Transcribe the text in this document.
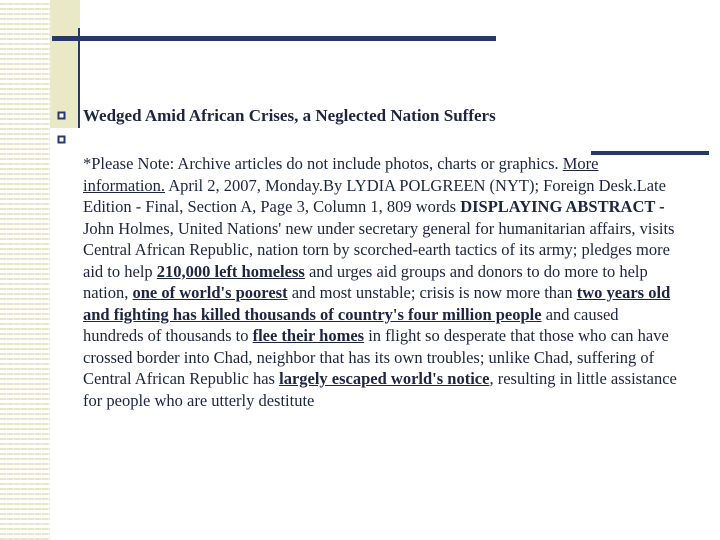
Wedged Amid African Crises, a Neglected Nation Suffers

*Please Note: Archive articles do not include photos, charts or graphics. More information. April 2, 2007, Monday.By LYDIA POLGREEN (NYT); Foreign Desk.Late Edition - Final, Section A, Page 3, Column 1, 809 words DISPLAYING ABSTRACT - John Holmes, United Nations' new under secretary general for humanitarian affairs, visits Central African Republic, nation torn by scorched-earth tactics of its army; pledges more aid to help 210,000 left homeless and urges aid groups and donors to do more to help nation, one of world's poorest and most unstable; crisis is now more than two years old and fighting has killed thousands of country's four million people and caused hundreds of thousands to flee their homes in flight so desperate that those who can have crossed border into Chad, neighbor that has its own troubles; unlike Chad, suffering of Central African Republic has largely escaped world's notice, resulting in little assistance for people who are utterly destitute
